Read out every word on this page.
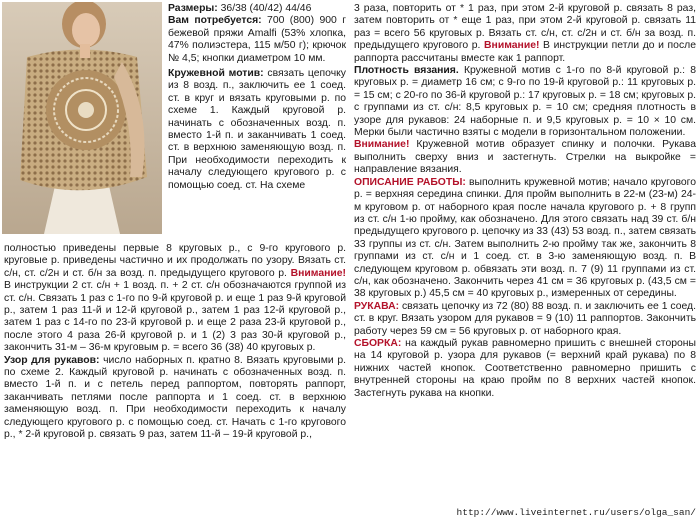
Размеры: 36/38 (40/42) 44/46

Вам потребуется: 700 (800) 900 г бежевой пряжи Amalfi (53% хлопка, 47% полиэстера, 115 м/50 г); крючок № 4,5; кнопки диаметром 10 мм.

Кружевной мотив: связать цепочку из 8 возд. п., заключить ее 1 соед. ст. в круг и вязать круговыми р. по схеме 1. Каждый круговой р. начинать с обозначенных возд. п. вместо 1-й п. и заканчивать 1 соед. ст. в верхнюю заменяющую возд. п. При необходимости переходить к началу следующего кругового р. с помощью соед. ст. На схеме

полностью приведены первые 8 круговых р., с 9-го кругового р. круговые р. приведены частично и их продолжать по узору. Вязать ст. с/н, ст. с/2н и ст. б/н за возд. п. предыдущего кругового р. Внимание! В инструкции 2 ст. с/н + 1 возд. п. + 2 ст. с/н обозначаются группой из ст. с/н. Связать 1 раз с 1-го по 9-й круговой р. и еще 1 раз 9-й круговой р., затем 1 раз 11-й и 12-й круговой р., затем 1 раз 12-й круговой р., затем 1 раз с 14-го по 23-й круговой р. и еще 2 раза 23-й круговой р., после этого 4 раза 26-й круговой р. и 1 (2) 3 раз 30-й круговой р., закончить 31-м – 36-м круговым р. = всего 36 (38) 40 круговых р.

Узор для рукавов: число наборных п. кратно 8. Вязать круговыми р. по схеме 2. Каждый круговой р. начинать с обозначенных возд. п. вместо 1-й п. и с петель перед раппортом, повторять раппорт, заканчивать петлями после раппорта и 1 соед. ст. в верхнюю заменяющую возд. п. При необходимости переходить к началу следующего кругового р. с помощью соед. ст. Начать с 1-го кругового р., * 2-й круговой р. связать 9 раз, затем 11-й – 19-й круговой р.,

3 раза, повторить от * 1 раз, при этом 2-й круговой р. связать 8 раз, затем повторить от * еще 1 раз, при этом 2-й круговой р. связать 11 раз = всего 56 круговых р. Вязать ст. с/н, ст. с/2н и ст. б/н за возд. п. предыдущего кругового р. Внимание! В инструкции петли до и после раппорта рассчитаны вместе как 1 раппорт.

Плотность вязания. Кружевной мотив с 1-го по 8-й круговой р.: 8 круговых р. = диаметр 16 см; с 9-го по 19-й круговой р.: 11 круговых р. = 15 см; с 20-го по 36-й круговой р.: 17 круговых р. = 18 см; круговых р. с группами из ст. с/н: 8,5 круговых р. = 10 см; средняя плотность в узоре для рукавов: 24 наборные п. и 9,5 круговых р. = 10 × 10 см. Мерки были частично взяты с модели в горизонтальном положении.

Внимание! Кружевной мотив образует спинку и полочки. Рукава выполнить сверху вниз и застегнуть. Стрелки на выкройке = направление вязания.

ОПИСАНИЕ РАБОТЫ: выполнить кружевной мотив; начало кругового р. = верхняя середина спинки. Для пройм выполнить в 22-м (23-м) 24-м круговом р. от наборного края после начала кругового р. + 8 групп из ст. с/н 1-ю пройму, как обозначено. Для этого связать над 39 ст. б/н предыдущего кругового р. цепочку из 33 (43) 53 возд. п., затем связать 33 группы из ст. с/н. Затем выполнить 2-ю пройму так же, закончить 8 группами из ст. с/н и 1 соед. ст. в 3-ю заменяющую возд. п. В следующем круговом р. обвязать эти возд. п. 7 (9) 11 группами из ст. с/н, как обозначено. Закончить через 41 см = 36 круговых р. (43,5 см = 38 круговых р.) 45,5 см = 40 круговых р., измеренных от середины.

РУКАВА: связать цепочку из 72 (80) 88 возд. п. и заключить ее 1 соед. ст. в круг. Вязать узором для рукавов = 9 (10) 11 раппортов. Закончить работу через 59 см = 56 круговых р. от наборного края.

СБОРКА: на каждый рукав равномерно пришить с внешней стороны на 14 круговой р. узора для рукавов (= верхний край рукава) по 8 нижних частей кнопок. Соответственно равномерно пришить с внутренней стороны на краю пройм по 8 верхних частей кнопок. Застегнуть рукава на кнопки.

http://www.liveinternet.ru/users/olga_san/
